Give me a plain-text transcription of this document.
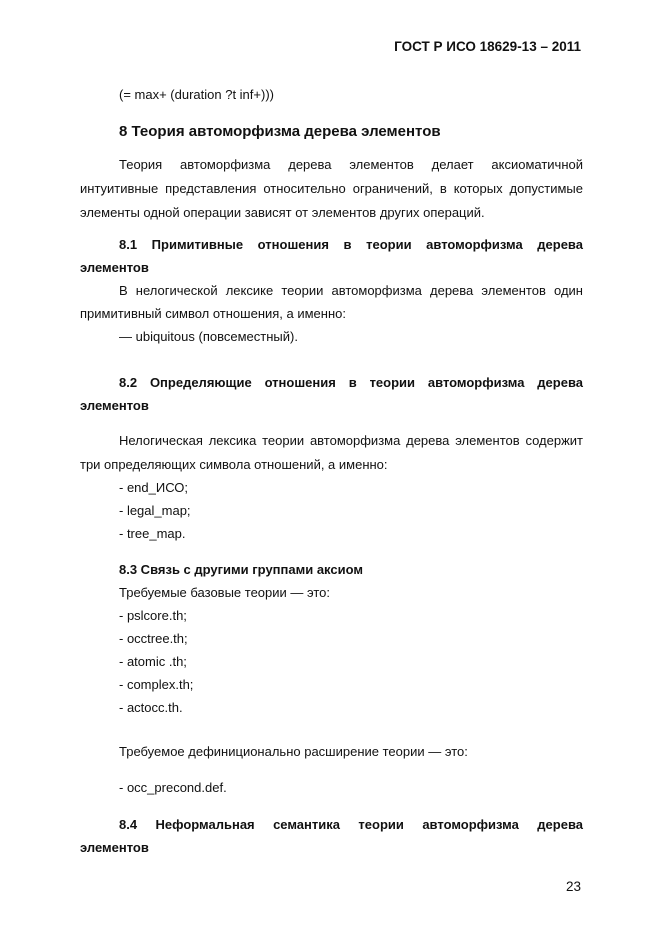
ГОСТ Р ИСО 18629-13 – 2011
(= max+ (duration ?t inf+)))
8 Теория автоморфизма дерева элементов
Теория автоморфизма дерева элементов делает аксиоматичной
интуитивные представления относительно ограничений, в которых допустимые
элементы одной операции зависят от элементов других операций.
8.1 Примитивные отношения в теории автоморфизма дерева
элементов
В нелогической лексике теории автоморфизма дерева элементов один
примитивный символ отношения, а именно:
— ubiquitous (повсеместный).
8.2 Определяющие отношения в теории автоморфизма дерева
элементов
Нелогическая лексика теории автоморфизма дерева элементов содержит
три определяющих символа отношений, а именно:
- end_ИСО;
- legal_map;
- tree_map.
8.3 Связь с другими группами аксиом
Требуемые базовые теории — это:
- pslcore.th;
- occtree.th;
- atomic .th;
- complex.th;
- actocc.th.
Требуемое дефиниционально расширение теории — это:
- occ_precond.def.
8.4 Неформальная семантика теории автоморфизма дерева
элементов
23
